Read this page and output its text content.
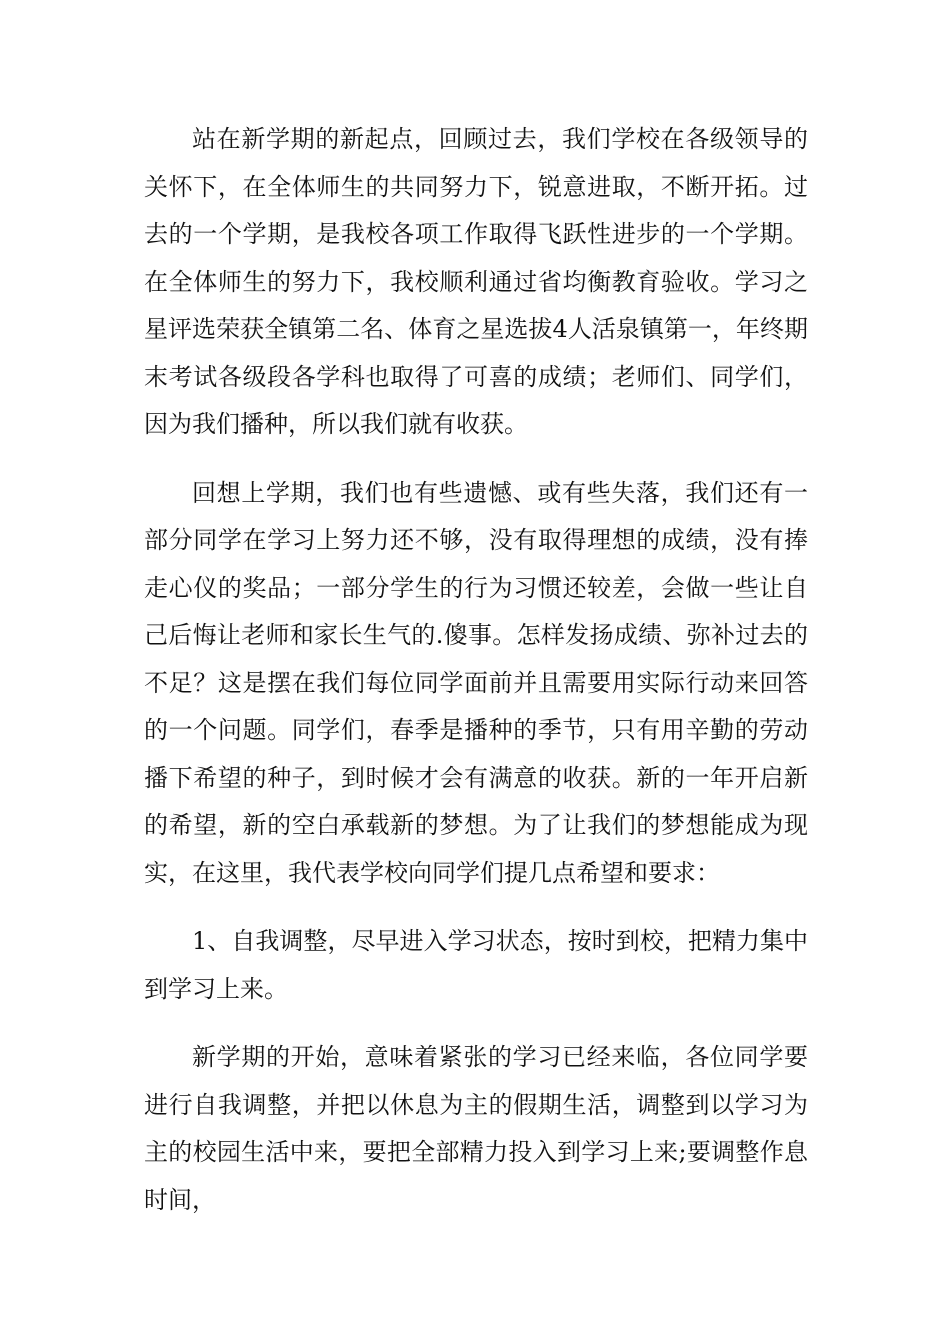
站在新学期的新起点，回顾过去，我们学校在各级领导的关怀下，在全体师生的共同努力下，锐意进取，不断开拓。过去的一个学期，是我校各项工作取得飞跃性进步的一个学期。在全体师生的努力下，我校顺利通过省均衡教育验收。学习之星评选荣获全镇第二名、体育之星选拔4人活泉镇第一，年终期末考试各级段各学科也取得了可喜的成绩；老师们、同学们，因为我们播种，所以我们就有收获。

回想上学期，我们也有些遗憾、或有些失落，我们还有一部分同学在学习上努力还不够，没有取得理想的成绩，没有捧走心仪的奖品；一部分学生的行为习惯还较差，会做一些让自己后悔让老师和家长生气的.傻事。怎样发扬成绩、弥补过去的不足？这是摆在我们每位同学面前并且需要用实际行动来回答的一个问题。同学们，春季是播种的季节，只有用辛勤的劳动播下希望的种子，到时候才会有满意的收获。新的一年开启新的希望，新的空白承载新的梦想。为了让我们的梦想能成为现实，在这里，我代表学校向同学们提几点希望和要求：

1、自我调整，尽早进入学习状态，按时到校，把精力集中到学习上来。

新学期的开始，意味着紧张的学习已经来临，各位同学要进行自我调整，并把以休息为主的假期生活，调整到以学习为主的校园生活中来，要把全部精力投入到学习上来;要调整作息时间，
